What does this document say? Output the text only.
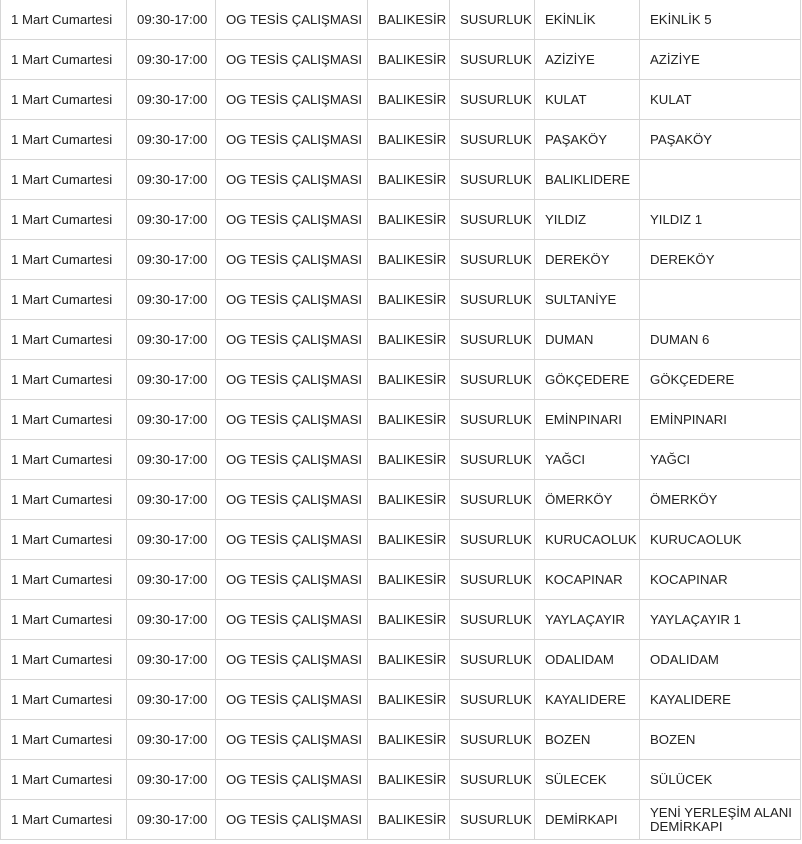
1 Mart Cumartesi	09:30-17:00	OG TESİS ÇALIŞMASI	BALIKESİR	SUSURLUK	EKİNLİK	EKİNLİK 5
1 Mart Cumartesi	09:30-17:00	OG TESİS ÇALIŞMASI	BALIKESİR	SUSURLUK	AZİZİYE	AZİZİYE
1 Mart Cumartesi	09:30-17:00	OG TESİS ÇALIŞMASI	BALIKESİR	SUSURLUK	KULAT	KULAT
1 Mart Cumartesi	09:30-17:00	OG TESİS ÇALIŞMASI	BALIKESİR	SUSURLUK	PAŞAKÖY	PAŞAKÖY
1 Mart Cumartesi	09:30-17:00	OG TESİS ÇALIŞMASI	BALIKESİR	SUSURLUK	BALIKLIDERE	
1 Mart Cumartesi	09:30-17:00	OG TESİS ÇALIŞMASI	BALIKESİR	SUSURLUK	YILDIZ	YILDIZ 1
1 Mart Cumartesi	09:30-17:00	OG TESİS ÇALIŞMASI	BALIKESİR	SUSURLUK	DEREKÖY	DEREKÖY
1 Mart Cumartesi	09:30-17:00	OG TESİS ÇALIŞMASI	BALIKESİR	SUSURLUK	SULTANİYE	
1 Mart Cumartesi	09:30-17:00	OG TESİS ÇALIŞMASI	BALIKESİR	SUSURLUK	DUMAN	DUMAN 6
1 Mart Cumartesi	09:30-17:00	OG TESİS ÇALIŞMASI	BALIKESİR	SUSURLUK	GÖKÇEDERE	GÖKÇEDERE
1 Mart Cumartesi	09:30-17:00	OG TESİS ÇALIŞMASI	BALIKESİR	SUSURLUK	EMİNPINARI	EMİNPINARI
1 Mart Cumartesi	09:30-17:00	OG TESİS ÇALIŞMASI	BALIKESİR	SUSURLUK	YAĞCI	YAĞCI
1 Mart Cumartesi	09:30-17:00	OG TESİS ÇALIŞMASI	BALIKESİR	SUSURLUK	ÖMERKÖY	ÖMERKÖY
1 Mart Cumartesi	09:30-17:00	OG TESİS ÇALIŞMASI	BALIKESİR	SUSURLUK	KURUCAOLUK	KURUCAOLUK
1 Mart Cumartesi	09:30-17:00	OG TESİS ÇALIŞMASI	BALIKESİR	SUSURLUK	KOCAPINAR	KOCAPINAR
1 Mart Cumartesi	09:30-17:00	OG TESİS ÇALIŞMASI	BALIKESİR	SUSURLUK	YAYLAÇAYIR	YAYLAÇAYIR 1
1 Mart Cumartesi	09:30-17:00	OG TESİS ÇALIŞMASI	BALIKESİR	SUSURLUK	ODALIDAM	ODALIDAM
1 Mart Cumartesi	09:30-17:00	OG TESİS ÇALIŞMASI	BALIKESİR	SUSURLUK	KAYALIDERE	KAYALIDERE
1 Mart Cumartesi	09:30-17:00	OG TESİS ÇALIŞMASI	BALIKESİR	SUSURLUK	BOZEN	BOZEN
1 Mart Cumartesi	09:30-17:00	OG TESİS ÇALIŞMASI	BALIKESİR	SUSURLUK	SÜLECEK	SÜLÜCEK
1 Mart Cumartesi	09:30-17:00	OG TESİS ÇALIŞMASI	BALIKESİR	SUSURLUK	DEMİRKAPI	YENİ YERLEŞİM ALANI DEMİRKAPI
